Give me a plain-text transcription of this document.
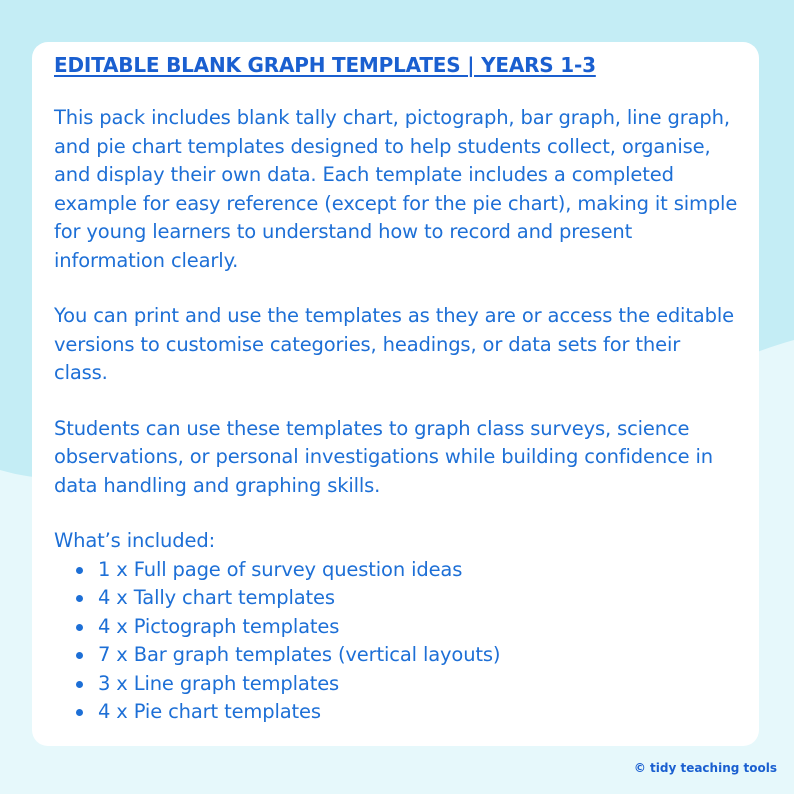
EDITABLE BLANK GRAPH TEMPLATES | YEARS 1-3

This pack includes blank tally chart, pictograph, bar graph, line graph, and pie chart templates designed to help students collect, organise, and display their own data. Each template includes a completed example for easy reference (except for the pie chart), making it simple for young learners to understand how to record and present information clearly.

You can print and use the templates as they are or access the editable versions to customise categories, headings, or data sets for their class.

Students can use these templates to graph class surveys, science observations, or personal investigations while building confidence in data handling and graphing skills.

What’s included:

1 x Full page of survey question ideas
4 x Tally chart templates
4 x Pictograph templates
7 x Bar graph templates (vertical layouts)
3 x Line graph templates
4 x Pie chart templates
© tidy teaching tools
